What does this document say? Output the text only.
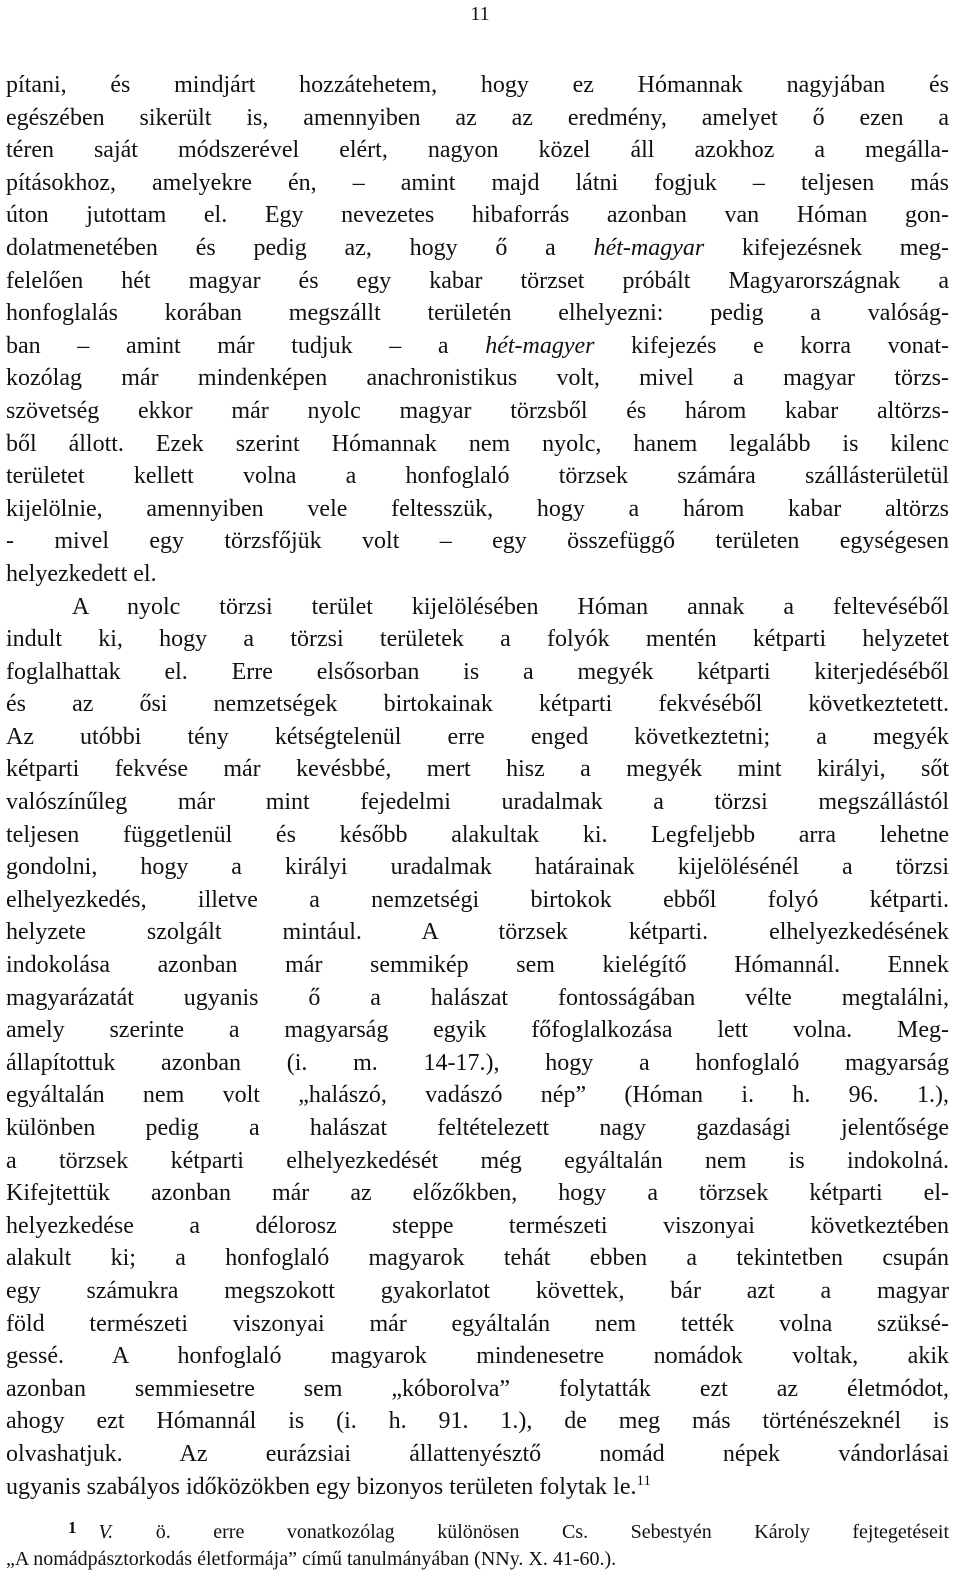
11
pítani, és mindjárt hozzátehetem, hogy ez Hómannak nagyjában és
egészében sikerült is, amennyiben az az eredmény, amelyet ő ezen a
téren saját módszerével elért, nagyon közel áll azokhoz a megálla-
pításokhoz, amelyekre én, – amint majd látni fogjuk – teljesen más
úton jutottam el. Egy nevezetes hibaforrás azonban van Hóman gon-
dolatmenetében és pedig az, hogy ő a hét-magyar kifejezésnek meg-
felelően hét magyar és egy kabar törzset próbált Magyarországnak a
honfoglalás korában megszállt területén elhelyezni: pedig a valóság-
ban – amint már tudjuk – a hét-magyer kifejezés e korra vonat-
kozólag már mindenképen anachronistikus volt, mivel a magyar törzs-
szövetség ekkor már nyolc magyar törzsből és három kabar altörzs-
ből állott. Ezek szerint Hómannak nem nyolc, hanem legalább is kilenc
területet kellett volna a honfoglaló törzsek számára szállásterületül
kijelölnie, amennyiben vele feltesszük, hogy a három kabar altörzs
- mivel egy törzsfőjük volt – egy összefüggő területen egységesen
helyezkedett el.
A nyolc törzsi terület kijelölésében Hóman annak a feltevéséből
indult ki, hogy a törzsi területek a folyók mentén kétparti helyzetet
foglalhattak el. Erre elsősorban is a megyék kétparti kiterjedéséből
és az ősi nemzetségek birtokainak kétparti fekvéséből következtetett.
Az utóbbi tény kétségtelenül erre enged következtetni; a megyék
kétparti fekvése már kevésbbé, mert hisz a megyék mint királyi, sőt
valószínűleg már mint fejedelmi uradalmak a törzsi megszállástól
teljesen függetlenül és később alakultak ki. Legfeljebb arra lehetne
gondolni, hogy a királyi uradalmak határainak kijelölésénél a törzsi
elhelyezkedés, illetve a nemzetségi birtokok ebből folyó kétparti.
helyzete szolgált mintául. A törzsek kétparti. elhelyezkedésének
indokolása azonban már semmikép sem kielégítő Hómannál. Ennek
magyarázatát ugyanis ő a halászat fontosságában vélte megtalálni,
amely szerinte a magyarság egyik főfoglalkozása lett volna. Meg-
állapítottuk azonban (i. m. 14-17.), hogy a honfoglaló magyarság
egyáltalán nem volt „halászó, vadászó nép” (Hóman i. h. 96. 1.),
különben pedig a halászat feltételezett nagy gazdasági jelentősége
a törzsek kétparti elhelyezkedését még egyáltalán nem is indokolná.
Kifejtettük azonban már az előzőkben, hogy a törzsek kétparti el-
helyezkedése a délorosz steppe természeti viszonyai következtében
alakult ki; a honfoglaló magyarok tehát ebben a tekintetben csupán
egy számukra megszokott gyakorlatot követtek, bár azt a magyar
föld természeti viszonyai már egyáltalán nem tették volna szüksé-
gessé. A honfoglaló magyarok mindenesetre nomádok voltak, akik
azonban semmiesetre sem „kóborolva” folytatták ezt az életmódot,
ahogy ezt Hómannál is (i. h. 91. 1.), de meg más történészeknél is
olvashatjuk. Az eurázsiai állattenyésztő nomád népek vándorlásai
ugyanis szabályos időközökben egy bizonyos területen folytak le.$^{11}$
1 V. ö. erre vonatkozólag különösen Cs. Sebestyén Károly fejtegetéseit
„A nomádpásztorkodás életformája” című tanulmányában (NNy. X. 41-60.).
